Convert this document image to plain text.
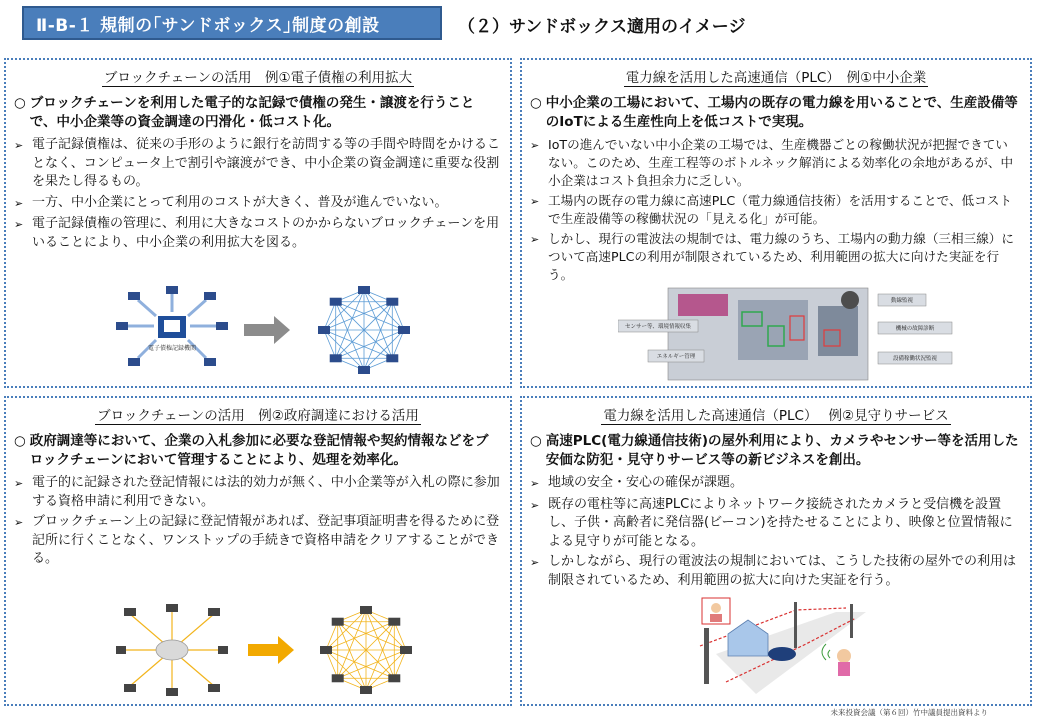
Ⅱ-B-１ 規制の｢サンドボックス｣制度の創設	（２）サンドボックス適用のイメージ
ブロックチェーンの活用　例①電子債権の利用拡大
○ ブロックチェーンを利用した電子的な記録で債権の発生・譲渡を行うことで、中小企業等の資金調達の円滑化・低コスト化。
➢ 電子記録債権は、従来の手形のように銀行を訪問する等の手間や時間をかけることなく、コンピュータ上で割引や譲渡ができ、中小企業の資金調達に重要な役割を果たし得るもの。
➢ 一方、中小企業にとって利用のコストが大きく、普及が進んでいない。
➢ 電子記録債権の管理に、利用に大きなコストのかからないブロックチェーンを用いることにより、中小企業の利用拡大を図る。
電子債権記録機関
電力線を活用した高速通信（PLC）　例①中小企業
○ 中小企業の工場において、工場内の既存の電力線を用いることで、生産設備等のIoTによる生産性向上を低コストで実現。
➢ IoTの進んでいない中小企業の工場では、生産機器ごとの稼働状況が把握できていない。このため、生産工程等のボトルネック解消による効率化の余地があるが、中小企業はコスト負担余力に乏しい。
➢ 工場内の既存の電力線に高速PLC（電力線通信技術）を活用することで、低コストで生産設備等の稼働状況の「見える化」が可能。
➢ しかし、現行の電波法の規制では、電力線のうち、工場内の動力線（三相三線）について高速PLCの利用が制限されているため、利用範囲の拡大に向けた実証を行う。
動線監視
機械の故障診断
設備稼働状況監視
センサー等、環境情報収集
エネルギー管理
ブロックチェーンの活用　例②政府調達における活用
○ 政府調達等において、企業の入札参加に必要な登記情報や契約情報などをブロックチェーンにおいて管理することにより、処理を効率化。
➢ 電子的に記録された登記情報には法的効力が無く、中小企業等が入札の際に参加する資格申請に利用できない。
➢ ブロックチェーン上の記録に登記情報があれば、登記事項証明書を得るために登記所に行くことなく、ワンストップの手続きで資格申請をクリアすることができる。
電力線を活用した高速通信（PLC）　 例②見守りサービス
○ 高速PLC(電力線通信技術)の屋外利用により、カメラやセンサー等を活用した安価な防犯・見守りサービス等の新ビジネスを創出。
➢ 地域の安全・安心の確保が課題。
➢ 既存の電柱等に高速PLCによりネットワーク接続されたカメラと受信機を設置し、子供・高齢者に発信器(ビーコン)を持たせることにより、映像と位置情報による見守りが可能となる。
➢ しかしながら、現行の電波法の規制においては、こうした技術の屋外での利用は制限されているため、利用範囲の拡大に向けた実証を行う。
未来投資会議（第６回）竹中議員提出資料より
